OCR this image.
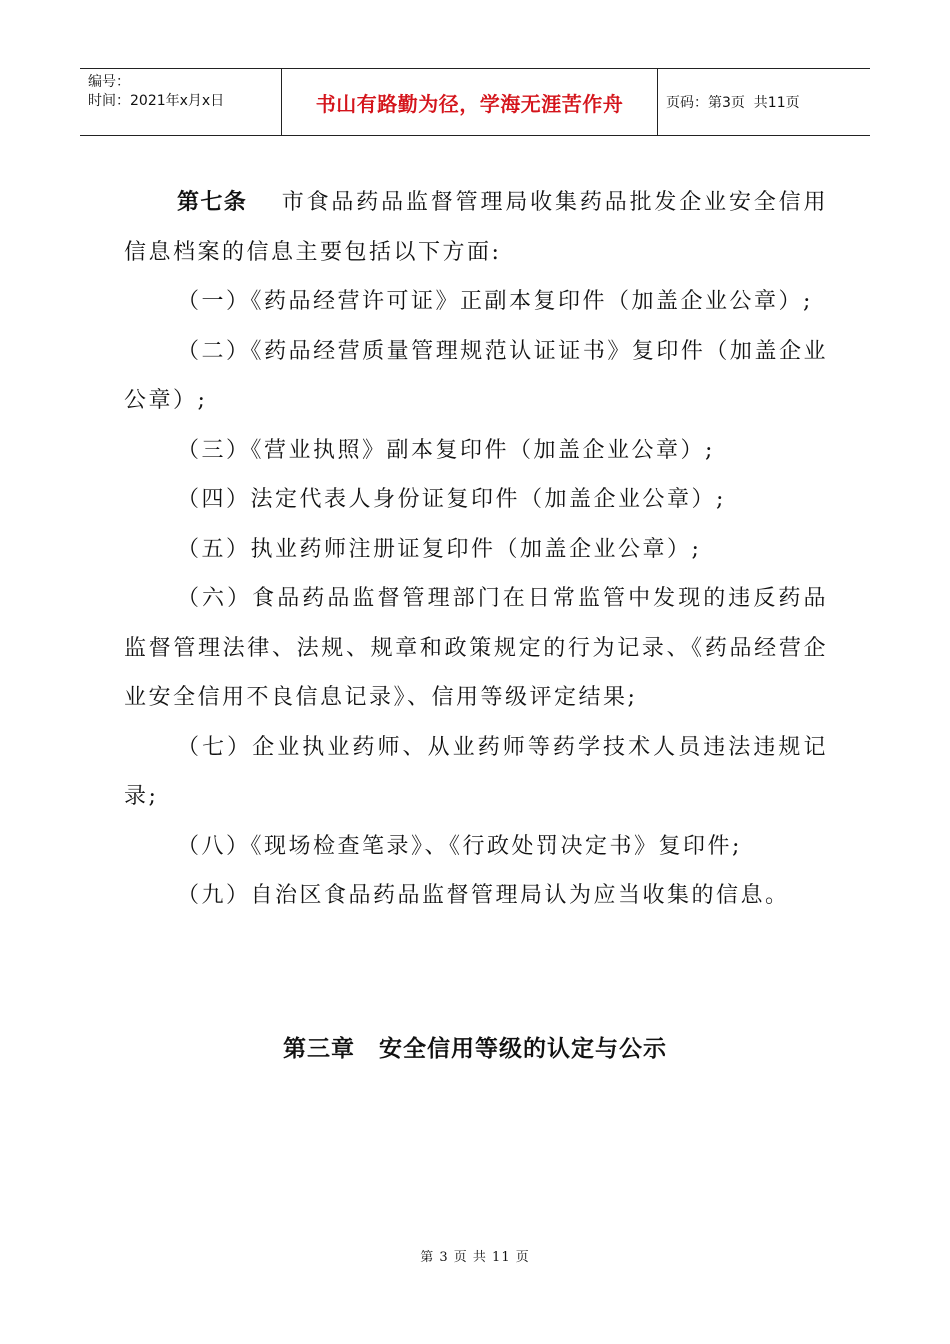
编号：
时间：2021年x月x日	书山有路勤为径，学海无涯苦作舟	页码：第3页  共11页

第七条　 市食品药品监督管理局收集药品批发企业安全信用信息档案的信息主要包括以下方面:

（一）《药品经营许可证》正副本复印件（加盖企业公章）;

（二）《药品经营质量管理规范认证证书》复印件（加盖企业公章）;

（三）《营业执照》副本复印件（加盖企业公章）;

（四）法定代表人身份证复印件（加盖企业公章）;

（五）执业药师注册证复印件（加盖企业公章）;

（六）食品药品监督管理部门在日常监管中发现的违反药品监督管理法律、法规、规章和政策规定的行为记录、《药品经营企业安全信用不良信息记录》、信用等级评定结果;

（七）企业执业药师、从业药师等药学技术人员违法违规记录;

（八）《现场检查笔录》、《行政处罚决定书》复印件;

（九）自治区食品药品监督管理局认为应当收集的信息。

第三章　安全信用等级的认定与公示
第 3 页 共 11 页
